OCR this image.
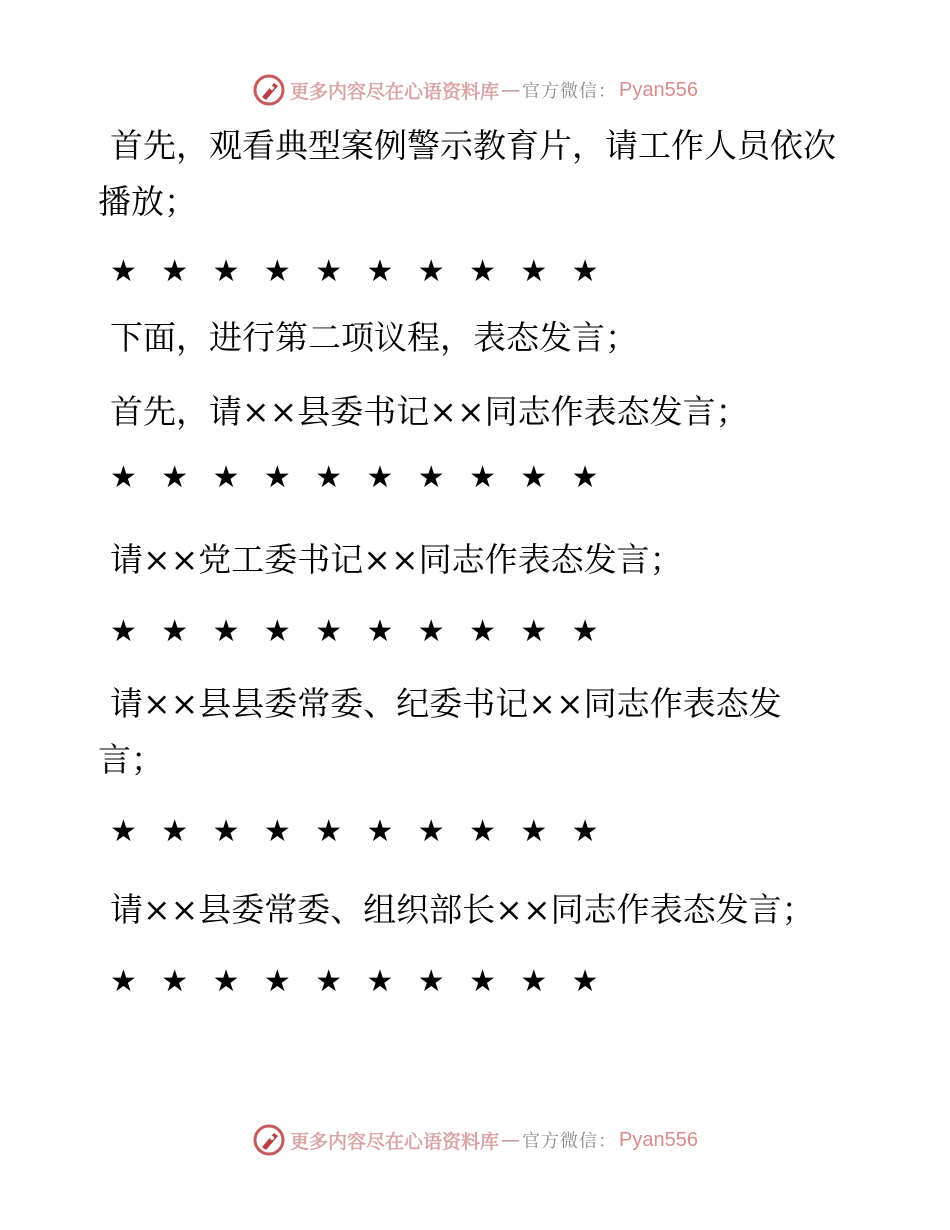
更多内容尽在心语资料库 — 官方微信： Pyan556

首先，观看典型案例警示教育片，请工作人员依次播放；

★ ★ ★ ★ ★ ★ ★ ★ ★ ★

下面，进行第二项议程，表态发言；

首先，请××县委书记××同志作表态发言；

★ ★ ★ ★ ★ ★ ★ ★ ★ ★

请××党工委书记××同志作表态发言；

★ ★ ★ ★ ★ ★ ★ ★ ★ ★

请××县县委常委、纪委书记××同志作表态发言；

★ ★ ★ ★ ★ ★ ★ ★ ★ ★

请××县委常委、组织部长××同志作表态发言；

★ ★ ★ ★ ★ ★ ★ ★ ★ ★
更多内容尽在心语资料库 — 官方微信： Pyan556
